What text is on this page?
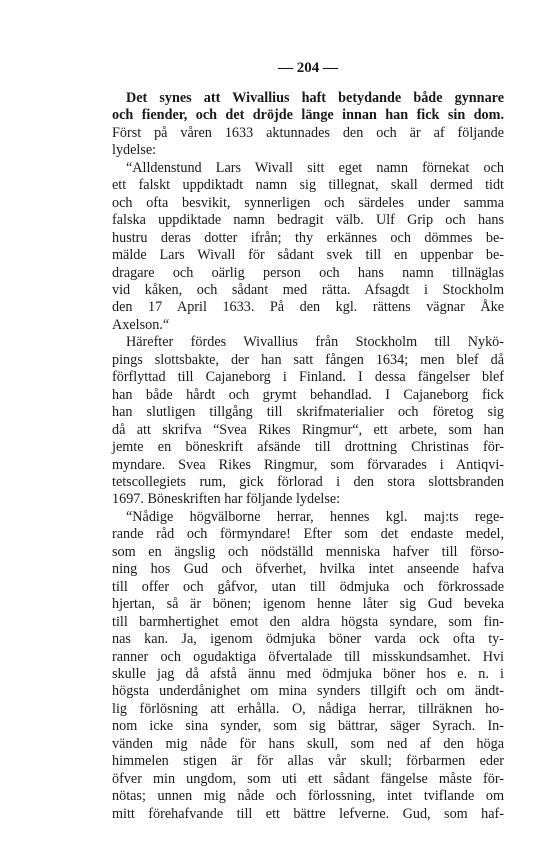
— 204 —
Det synes att Wivallius haft betydande både gynnare
och fiender, och det dröjde länge innan han fick sin dom.
Först på våren 1633 aktunnades den och är af följande
lydelse:
“Alldenstund Lars Wivall sitt eget namn förnekat och
ett falskt uppdiktadt namn sig tillegnat, skall dermed tidt
och ofta besvikit, synnerligen och särdeles under samma
falska uppdiktade namn bedragit välb. Ulf Grip och hans
hustru deras dotter ifrån; thy erkännes och dömmes be-
mälde Lars Wivall för sådant svek till en uppenbar be-
dragare och oärlig person och hans namn tillnäglas
vid kåken, och sådant med rätta. Afsagdt i Stockholm
den 17 April 1633. På den kgl. rättens vägnar Åke
Axelson.“
Härefter fördes Wivallius från Stockholm till Nykö-
pings slottsbakte, der han satt fången 1634; men blef då
förflyttad till Cajaneborg i Finland. I dessa fängelser blef
han både hårdt och grymt behandlad. I Cajaneborg fick
han slutligen tillgång till skrifmaterialier och företog sig
då att skrifva “Svea Rikes Ringmur“, ett arbete, som han
jemte en böneskrift afsände till drottning Christinas för-
myndare. Svea Rikes Ringmur, som förvarades i Antiqvi-
tetscollegiets rum, gick förlorad i den stora slottsbranden
1697. Böneskriften har följande lydelse:
“Nådige högvälborne herrar, hennes kgl. maj:ts rege-
rande råd och förmyndare! Efter som det endaste medel,
som en ängslig och nödställd menniska hafver till försо-
ning hos Gud och öfverhet, hvilka intet anseende hafva
till offer och gåfvor, utan till ödmjuka och förkrossade
hjertan, så är bönen; igenom henne låter sig Gud beveka
till barmhertighet emot den aldra högsta syndare, som fin-
nas kan. Ja, igenom ödmjuka böner varda ock ofta ty-
ranner och ogudaktiga öfvertalade till misskundsamhet. Hvi
skulle jag då afstå ännu med ödmjuka böner hos e. n. i
högsta underdånighet om mina synders tillgift och om ändt-
lig förlösning att erhålla. O, nådiga herrar, tillräknen ho-
nom icke sina synder, som sig bättrar, säger Syrach. In-
vänden mig nåde för hans skull, som ned af den höga
himmelen stigen är för allas vår skull; förbarmen eder
öfver min ungdom, som uti ett sådant fängelse måste för-
nötas; unnen mig nåde och förlossning, intet tviflande om
mitt förehafvande till ett bättre lefverne. Gud, som haf-
